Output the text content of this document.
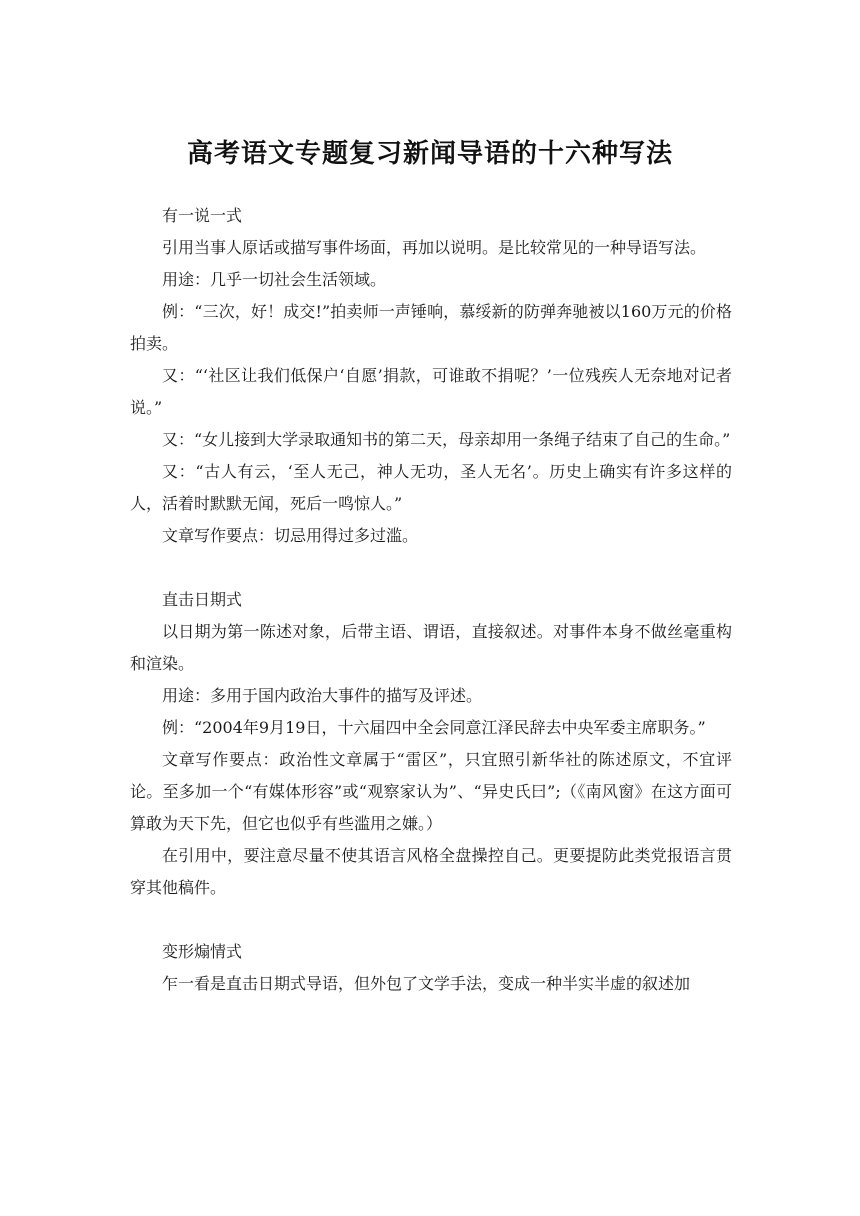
高考语文专题复习新闻导语的十六种写法

有一说一式

引用当事人原话或描写事件场面，再加以说明。是比较常见的一种导语写法。

用途：几乎一切社会生活领域。

例：“三次，好！成交!”拍卖师一声锤响，慕绥新的防弹奔驰被以160万元的价格拍卖。

又：“‘社区让我们低保户‘自愿’捐款，可谁敢不捐呢？’一位残疾人无奈地对记者说。”

又：“女儿接到大学录取通知书的第二天，母亲却用一条绳子结束了自己的生命。”

又：“古人有云，‘至人无己，神人无功，圣人无名’。历史上确实有许多这样的人，活着时默默无闻，死后一鸣惊人。”

文章写作要点：切忌用得过多过滥。

直击日期式

以日期为第一陈述对象，后带主语、谓语，直接叙述。对事件本身不做丝毫重构和渲染。

用途：多用于国内政治大事件的描写及评述。

例：“2004年9月19日，十六届四中全会同意江泽民辞去中央军委主席职务。”

文章写作要点：政治性文章属于“雷区”，只宜照引新华社的陈述原文，不宜评论。至多加一个“有媒体形容”或“观察家认为”、“异史氏曰”;（《南风窗》在这方面可算敢为天下先，但它也似乎有些滥用之嫌。）

在引用中，要注意尽量不使其语言风格全盘操控自己。更要提防此类党报语言贯穿其他稿件。

变形煽情式

乍一看是直击日期式导语，但外包了文学手法，变成一种半实半虚的叙述加
